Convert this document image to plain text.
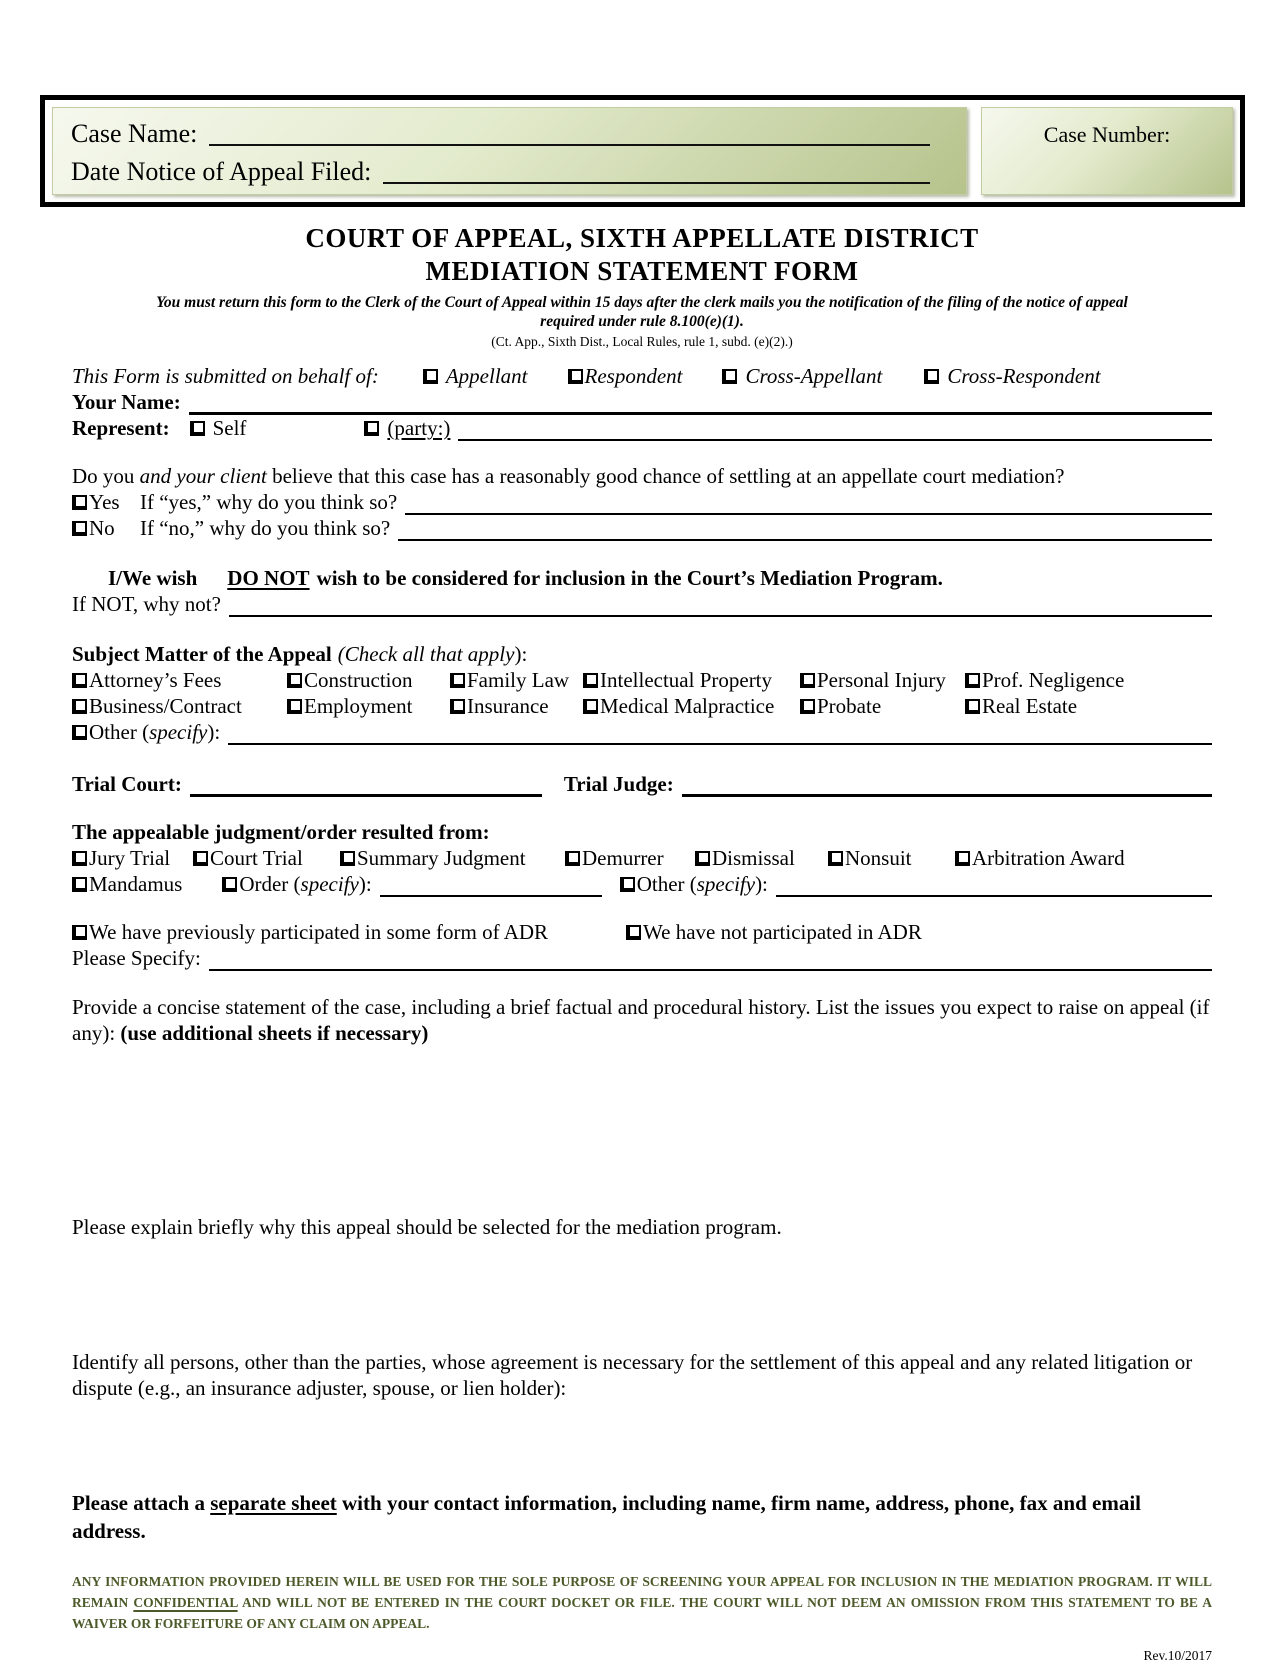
Case Name:
Date Notice of Appeal Filed:
Case Number:
COURT OF APPEAL, SIXTH APPELLATE DISTRICT
MEDIATION STATEMENT FORM
You must return this form to the Clerk of the Court of Appeal within 15 days after the clerk mails you the notification of the filing of the notice of appeal required under rule 8.100(e)(1).
(Ct. App., Sixth Dist., Local Rules, rule 1, subd. (e)(2).)
This Form is submitted on behalf of:	Appellant	Respondent	Cross-Appellant	Cross-Respondent
Your Name:
Represent:	Self	(party:)
Do you and your client believe that this case has a reasonably good chance of settling at an appellate court mediation?
Yes If “yes,” why do you think so?
No	If “no,” why do you think so?
I/We wish DO NOT wish to be considered for inclusion in the Court’s Mediation Program.
If NOT, why not?
Subject Matter of the Appeal (Check all that apply ):
Attorney’s Fees	Construction	Family Law	Intellectual Property	Personal Injury	Prof. Negligence
Business/Contract	Employment	Insurance	Medical Malpractice	Probate	Real Estate
Other (specify):
Trial Court:	Trial Judge:
The appealable judgment/order resulted from:
Jury Trial	Court Trial	Summary Judgment	Demurrer	Dismissal	Nonsuit	Arbitration Award
Mandamus	Order (specify):	Other (specify):
We have previously participated in some form of ADR	We have not participated in ADR
Please Specify:
Provide a concise statement of the case, including a brief factual and procedural history. List the issues you expect to raise on appeal (if any): (use additional sheets if necessary)
Please explain briefly why this appeal should be selected for the mediation program.
Identify all persons, other than the parties, whose agreement is necessary for the settlement of this appeal and any related litigation or dispute (e.g., an insurance adjuster, spouse, or lien holder):
Please attach a separate sheet with your contact information, including name, firm name, address, phone, fax and email address.
ANY INFORMATION PROVIDED HEREIN WILL BE USED FOR THE SOLE PURPOSE OF SCREENING YOUR APPEAL FOR INCLUSION IN THE MEDIATION PROGRAM. IT WILL REMAIN CONFIDENTIAL AND WILL NOT BE ENTERED IN THE COURT DOCKET OR FILE. THE COURT WILL NOT DEEM AN OMISSION FROM THIS STATEMENT TO BE A WAIVER OR FORFEITURE OF ANY CLAIM ON APPEAL.
Rev.10/2017
